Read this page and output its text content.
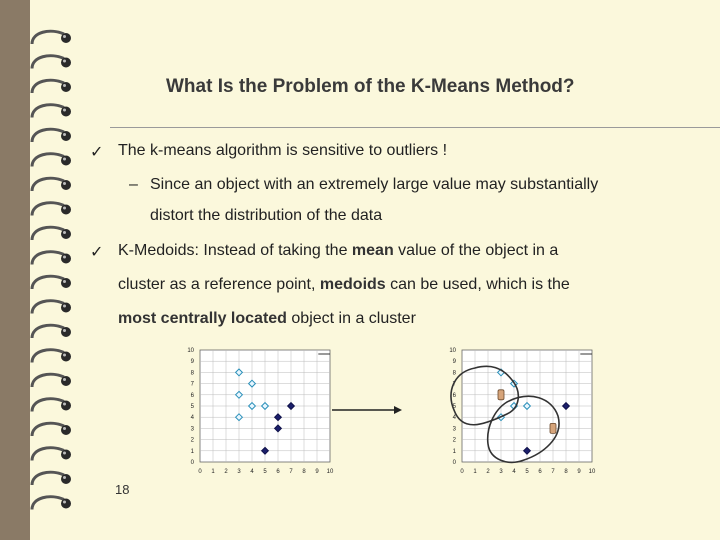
What Is the Problem of the K-Means Method?
✓ The k-means algorithm is sensitive to outliers !
– Since an object with an extremely large value may substantially
distort the distribution of the data
✓ K-Medoids: Instead of taking the mean value of the object in a
cluster as a reference point, medoids can be used, which is the
most centrally located object in a cluster
0 1 2 3 4 5 6 7 8 9 10
0
1
2
3
4
5
6
7
8
9
10
0 1 2 3 4 5 6 7 8 9 10
0
1
2
3
4
5
6
7
8
9
10
18
